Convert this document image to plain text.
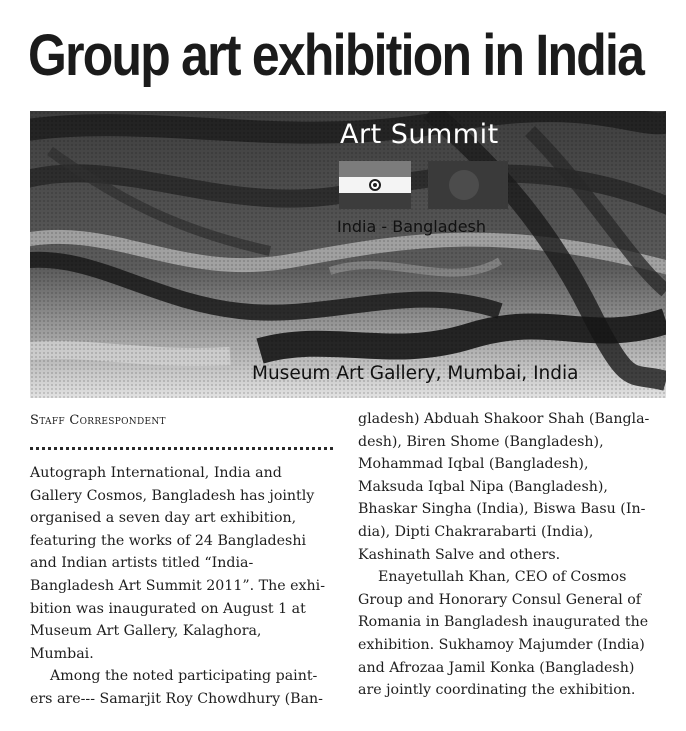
Group art exhibition in India
Art Summit
India - Bangladesh
Museum Art Gallery, Mumbai, India
Staff Correspondent

Autograph International, India and
Gallery Cosmos, Bangladesh has jointly
organised a seven day art exhibition,
featuring the works of 24 Bangladeshi
and Indian artists titled “India-
Bangladesh Art Summit 2011”. The exhi-
bition was inaugurated on August 1 at
Museum Art Gallery, Kalaghora,
Mumbai.

Among the noted participating paint-
ers are--- Samarjit Roy Chowdhury (Ban-

gladesh) Abduah Shakoor Shah (Bangla-
desh), Biren Shome (Bangladesh),
Mohammad Iqbal (Bangladesh),
Maksuda Iqbal Nipa (Bangladesh),
Bhaskar Singha (India), Biswa Basu (In-
dia), Dipti Chakrarabarti (India),
Kashinath Salve and others.

Enayetullah Khan, CEO of Cosmos
Group and Honorary Consul General of
Romania in Bangladesh inaugurated the
exhibition. Sukhamoy Majumder (India)
and Afrozaa Jamil Konka (Bangladesh)
are jointly coordinating the exhibition.
